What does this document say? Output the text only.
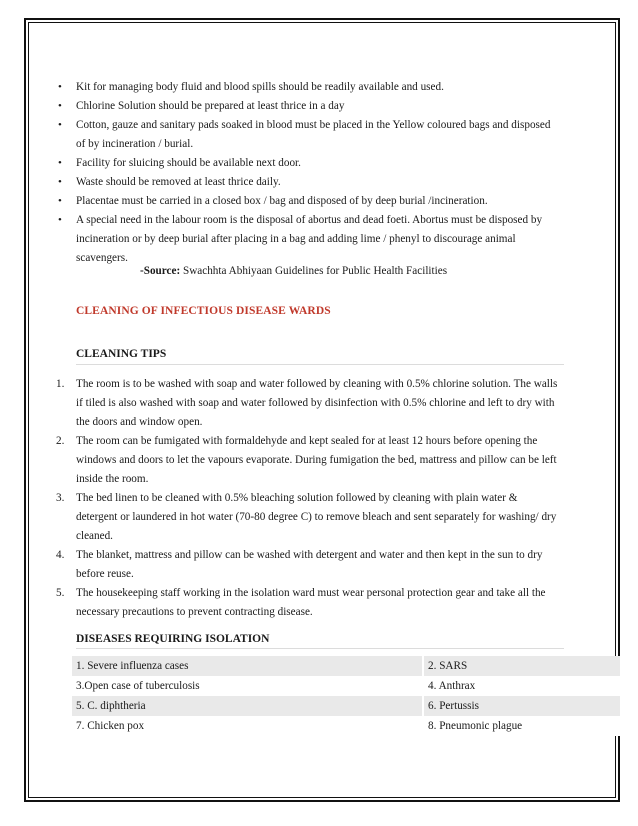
• Kit for managing body fluid and blood spills should be readily available and used.
• Chlorine Solution should be prepared at least thrice in a day
• Cotton, gauze and sanitary pads soaked in blood must be placed in the Yellow coloured bags and disposed of by incineration / burial.
• Facility for sluicing should be available next door.
• Waste should be removed at least thrice daily.
• Placentae must be carried in a closed box / bag and disposed of by deep burial /incineration.
• A special need in the labour room is the disposal of abortus and dead foeti. Abortus must be disposed by incineration or by deep burial after placing in a bag and adding lime / phenyl to discourage animal scavengers.
-Source: Swachhta Abhiyaan Guidelines for Public Health Facilities
CLEANING OF INFECTIOUS DISEASE WARDS
CLEANING TIPS
1. The room is to be washed with soap and water followed by cleaning with 0.5% chlorine solution. The walls if tiled is also washed with soap and water followed by disinfection with 0.5% chlorine and left to dry with the doors and window open.
2. The room can be fumigated with formaldehyde and kept sealed for at least 12 hours before opening the windows and doors to let the vapours evaporate. During fumigation the bed, mattress and pillow can be left inside the room.
3. The bed linen to be cleaned with 0.5% bleaching solution followed by cleaning with plain water & detergent or laundered in hot water (70-80 degree C) to remove bleach and sent separately for washing/ dry cleaned.
4. The blanket, mattress and pillow can be washed with detergent and water and then kept in the sun to dry before reuse.
5. The housekeeping staff working in the isolation ward must wear personal protection gear and take all the necessary precautions to prevent contracting disease.
DISEASES REQUIRING ISOLATION
1. Severe influenza cases	2. SARS
3.Open case of tuberculosis	4. Anthrax
5. C. diphtheria	6. Pertussis
7. Chicken pox	8. Pneumonic plague
